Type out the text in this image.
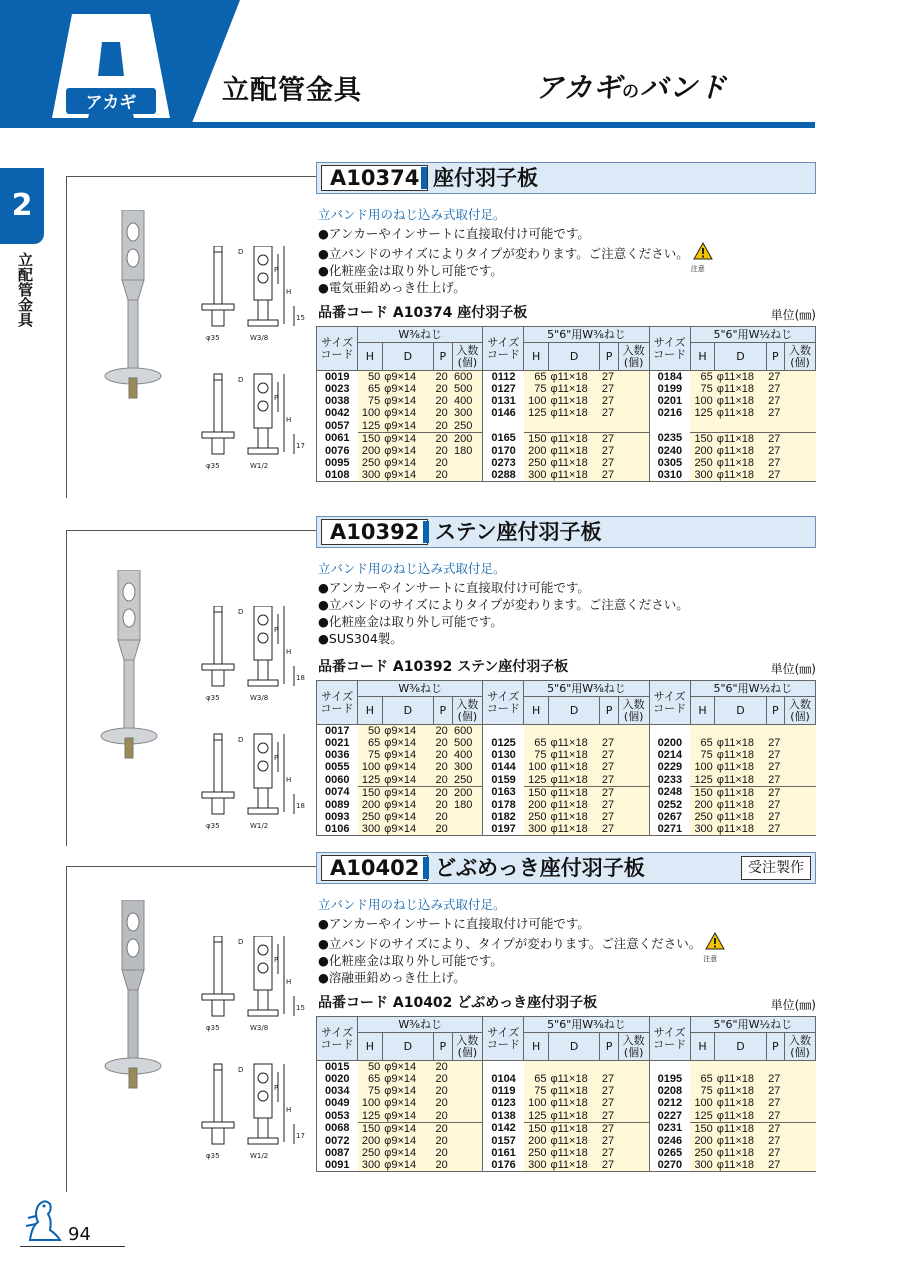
アカギ
A
立配管金具	アカギのバンド
2
立配管金具
A10374 座付羽子板
立バンド用のねじ込み式取付足。
●アンカーやインサートに直接取付け可能です。
●立バンドのサイズによりタイプが変わります。ご注意ください。
注意
●化粧座金は取り外し可能です。
●電気亜鉛めっき仕上げ。
品番コード A10374 座付羽子板	単位(㎜)
サイズ
コード	W⅜ねじ				サイズ
コード	5"6"用W⅜ねじ				サイズ
コード	5"6"用W½ねじ			
	H	D	P	入数
(個)		H	D	P	入数
(個)		H	D	P	入数
(個)
0019	50	φ9×14	20	600	0112	65	φ11×18	27		0184	65	φ11×18	27	
0023	65	φ9×14	20	500	0127	75	φ11×18	27		0199	75	φ11×18	27	
0038	75	φ9×14	20	400	0131	100	φ11×18	27		0201	100	φ11×18	27	
0042	100	φ9×14	20	300	0146	125	φ11×18	27		0216	125	φ11×18	27	
0057	125	φ9×14	20	250										
0061	150	φ9×14	20	200	0165	150	φ11×18	27		0235	150	φ11×18	27	
0076	200	φ9×14	20	180	0170	200	φ11×18	27		0240	200	φ11×18	27	
0095	250	φ9×14	20		0273	250	φ11×18	27		0305	250	φ11×18	27	
0108	300	φ9×14	20		0288	300	φ11×18	27		0310	300	φ11×18	27	
φ35	W3/8
H
P
15
D
φ35	W1/2
H
P
17
D
A10392 ステン座付羽子板
立バンド用のねじ込み式取付足。
●アンカーやインサートに直接取付け可能です。
●立バンドのサイズによりタイプが変わります。ご注意ください。
●化粧座金は取り外し可能です。
●SUS304製。
品番コード A10392 ステン座付羽子板	単位(㎜)
サイズ
コード	W⅜ねじ				サイズ
コード	5"6"用W⅜ねじ				サイズ
コード	5"6"用W½ねじ			
	H	D	P	入数
(個)		H	D	P	入数
(個)		H	D	P	入数
(個)
0017	50	φ9×14	20	600										
0021	65	φ9×14	20	500	0125	65	φ11×18	27		0200	65	φ11×18	27	
0036	75	φ9×14	20	400	0130	75	φ11×18	27		0214	75	φ11×18	27	
0055	100	φ9×14	20	300	0144	100	φ11×18	27		0229	100	φ11×18	27	
0060	125	φ9×14	20	250	0159	125	φ11×18	27		0233	125	φ11×18	27	
0074	150	φ9×14	20	200	0163	150	φ11×18	27		0248	150	φ11×18	27	
0089	200	φ9×14	20	180	0178	200	φ11×18	27		0252	200	φ11×18	27	
0093	250	φ9×14	20		0182	250	φ11×18	27		0267	250	φ11×18	27	
0106	300	φ9×14	20		0197	300	φ11×18	27		0271	300	φ11×18	27	
φ35	W3/8
H
P
18
D
φ35	W1/2
H
P
18
D
A10402 どぶめっき座付羽子板	受注製作
立バンド用のねじ込み式取付足。
●アンカーやインサートに直接取付け可能です。
●立バンドのサイズにより、タイプが変わります。ご注意ください。
注意
●化粧座金は取り外し可能です。
●溶融亜鉛めっき仕上げ。
品番コード A10402 どぶめっき座付羽子板	単位(㎜)
サイズ
コード	W⅜ねじ				サイズ
コード	5"6"用W⅜ねじ				サイズ
コード	5"6"用W½ねじ			
	H	D	P	入数
(個)		H	D	P	入数
(個)		H	D	P	入数
(個)
0015	50	φ9×14	20											
0020	65	φ9×14	20		0104	65	φ11×18	27		0195	65	φ11×18	27	
0034	75	φ9×14	20		0119	75	φ11×18	27		0208	75	φ11×18	27	
0049	100	φ9×14	20		0123	100	φ11×18	27		0212	100	φ11×18	27	
0053	125	φ9×14	20		0138	125	φ11×18	27		0227	125	φ11×18	27	
0068	150	φ9×14	20		0142	150	φ11×18	27		0231	150	φ11×18	27	
0072	200	φ9×14	20		0157	200	φ11×18	27		0246	200	φ11×18	27	
0087	250	φ9×14	20		0161	250	φ11×18	27		0265	250	φ11×18	27	
0091	300	φ9×14	20		0176	300	φ11×18	27		0270	300	φ11×18	27	
φ35	W3/8
H
P
15
D
φ35	W1/2
H
P
17
D
94
